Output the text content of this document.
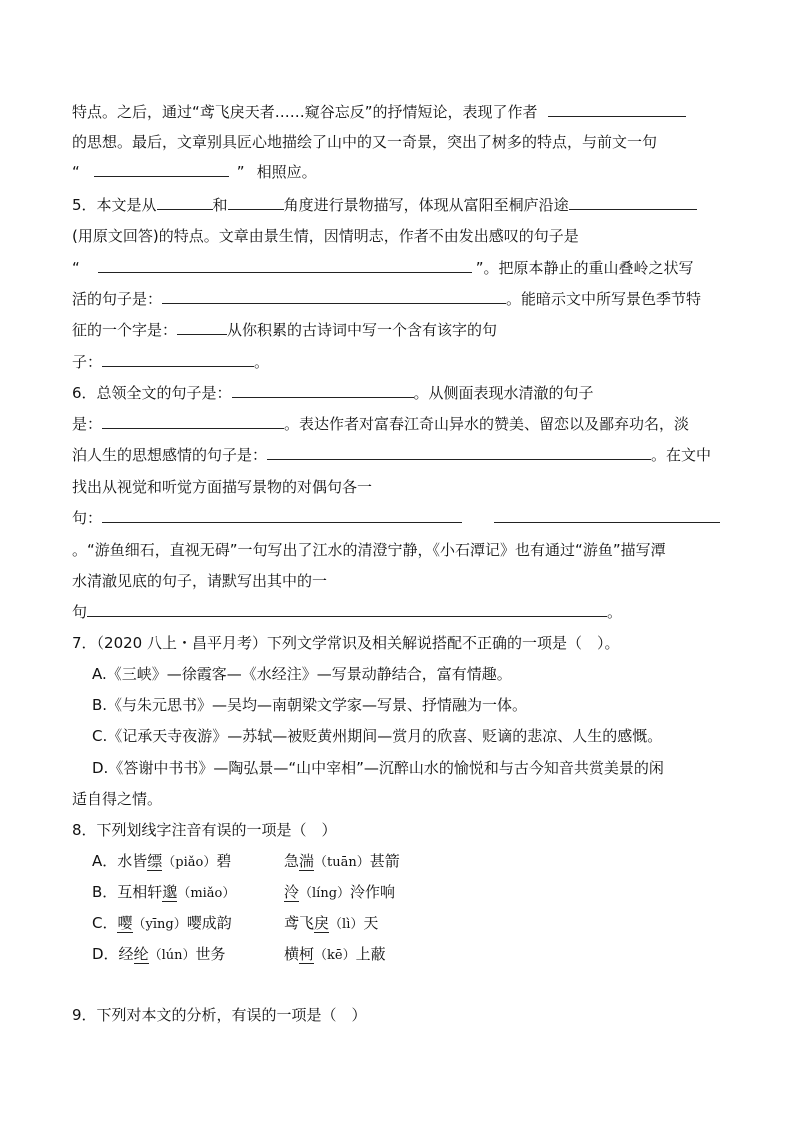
特点。之后，通过“鸢飞戾天者……窥谷忘反”的抒情短论，表现了作者
的思想。最后，文章别具匠心地描绘了山中的又一奇景，突出了树多的特点，与前文一句
“	” 相照应。
5．本文是从	和	角度进行景物描写，体现从富阳至桐庐沿途
(用原文回答)的特点。文章由景生情，因情明志，作者不由发出感叹的句子是
“	”。把原本静止的重山叠岭之状写
活的句子是：	。能暗示文中所写景色季节特
征的一个字是：	从你积累的古诗词中写一个含有该字的句
子：	。
6．总领全文的句子是：	。从侧面表现水清澈的句子
是：	。表达作者对富春江奇山异水的赞美、留恋以及鄙弃功名，淡
泊人生的思想感情的句子是：	。在文中
找出从视觉和听觉方面描写景物的对偶句各一
句：
。“游鱼细石，直视无碍”一句写出了江水的清澄宁静，《小石潭记》也有通过“游鱼”描写潭
水清澈见底的句子，请默写出其中的一
句	。
7．（2020 八上・昌平月考）下列文学常识及相关解说搭配不正确的一项是（　）。
A.《三峡》—徐霞客—《水经注》—写景动静结合，富有情趣。
B.《与朱元思书》—吴均—南朝梁文学家—写景、抒情融为一体。
C.《记承天寺夜游》—苏轼—被贬黄州期间—赏月的欣喜、贬谪的悲凉、人生的感慨。
D.《答谢中书书》—陶弘景—“山中宰相”—沉醉山水的愉悦和与古今知音共赏美景的闲
适自得之情。
8．下列划线字注音有误的一项是（　）
A．水皆缥（piǎo）碧	急湍（tuān）甚箭
B．互相轩邈（miǎo）	泠（líng）泠作响
C．嘤（yīng）嘤成韵	鸢飞戾（lì）天
D．经纶（lún）世务	横柯（kē）上蔽
9．下列对本文的分析，有误的一项是（　）
